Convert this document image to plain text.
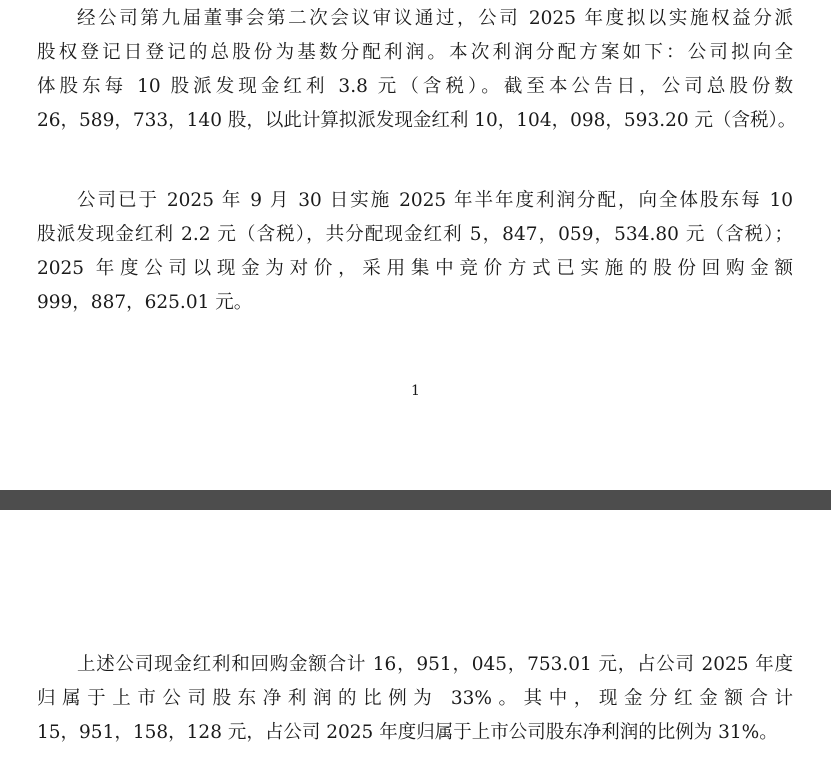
经公司第九届董事会第二次会议审议通过，公司 2025 年度拟以实施权益分派
股权登记日登记的总股份为基数分配利润。本次利润分配方案如下：公司拟向全
体股东每 10 股派发现金红利 3.8 元（含税）。截至本公告日，公司总股份数
26，589，733，140 股，以此计算拟派发现金红利 10，104，098，593.20 元（含税）。
公司已于 2025 年 9 月 30 日实施 2025 年半年度利润分配，向全体股东每 10
股派发现金红利 2.2 元（含税），共分配现金红利 5，847，059，534.80 元（含税）；
2025 年度公司以现金为对价，采用集中竞价方式已实施的股份回购金额
999，887，625.01 元。
1
上述公司现金红利和回购金额合计 16，951，045，753.01 元，占公司 2025 年度
归属于上市公司股东净利润的比例为 33%。其中，现金分红金额合计
15，951，158，128 元，占公司 2025 年度归属于上市公司股东净利润的比例为 31%。
